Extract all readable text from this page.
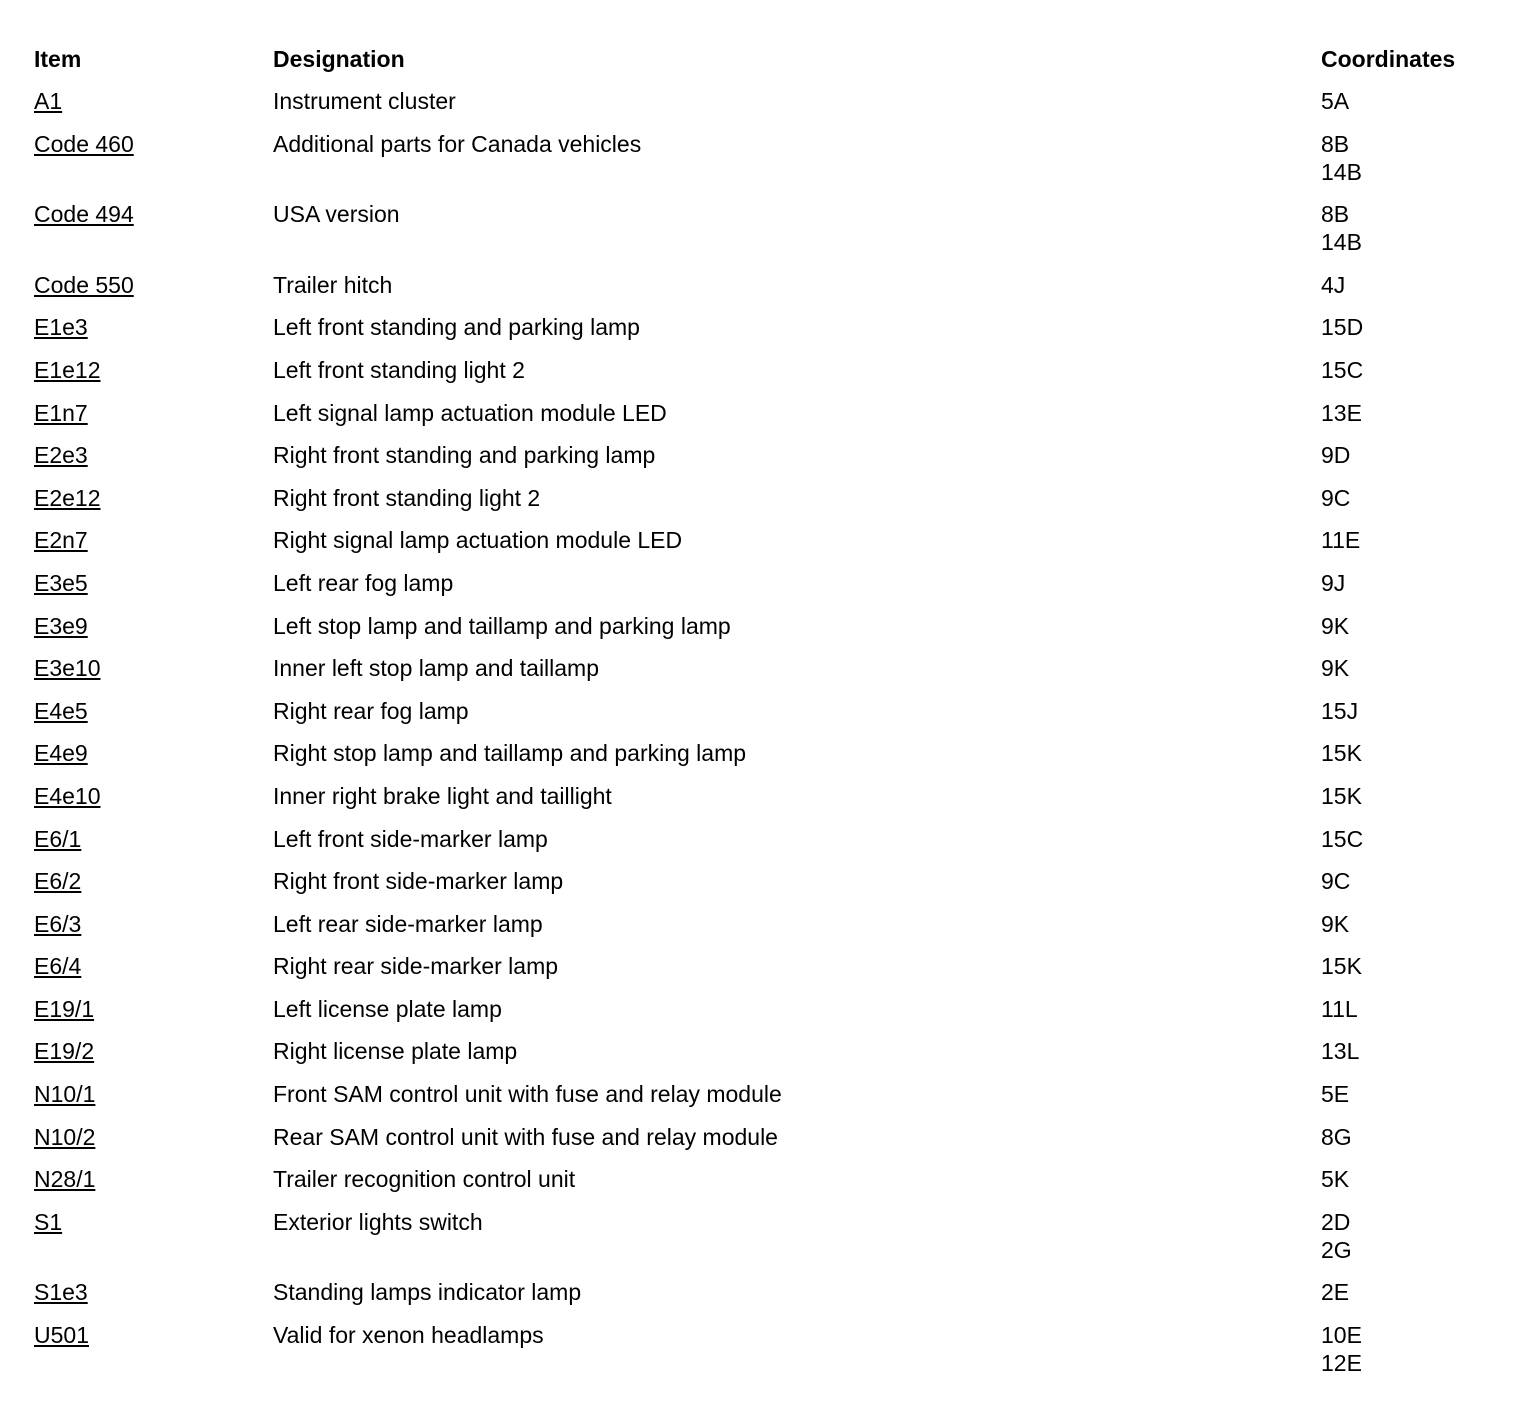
Item	Designation	Coordinates
A1	Instrument cluster	5A
Code 460	Additional parts for Canada vehicles	8B
14B
Code 494	USA version	8B
14B
Code 550	Trailer hitch	4J
E1e3	Left front standing and parking lamp	15D
E1e12	Left front standing light 2	15C
E1n7	Left signal lamp actuation module LED	13E
E2e3	Right front standing and parking lamp	9D
E2e12	Right front standing light 2	9C
E2n7	Right signal lamp actuation module LED	11E
E3e5	Left rear fog lamp	9J
E3e9	Left stop lamp and taillamp and parking lamp	9K
E3e10	Inner left stop lamp and taillamp	9K
E4e5	Right rear fog lamp	15J
E4e9	Right stop lamp and taillamp and parking lamp	15K
E4e10	Inner right brake light and taillight	15K
E6/1	Left front side-marker lamp	15C
E6/2	Right front side-marker lamp	9C
E6/3	Left rear side-marker lamp	9K
E6/4	Right rear side-marker lamp	15K
E19/1	Left license plate lamp	11L
E19/2	Right license plate lamp	13L
N10/1	Front SAM control unit with fuse and relay module	5E
N10/2	Rear SAM control unit with fuse and relay module	8G
N28/1	Trailer recognition control unit	5K
S1	Exterior lights switch	2D
2G
S1e3	Standing lamps indicator lamp	2E
U501	Valid for xenon headlamps	10E
12E
